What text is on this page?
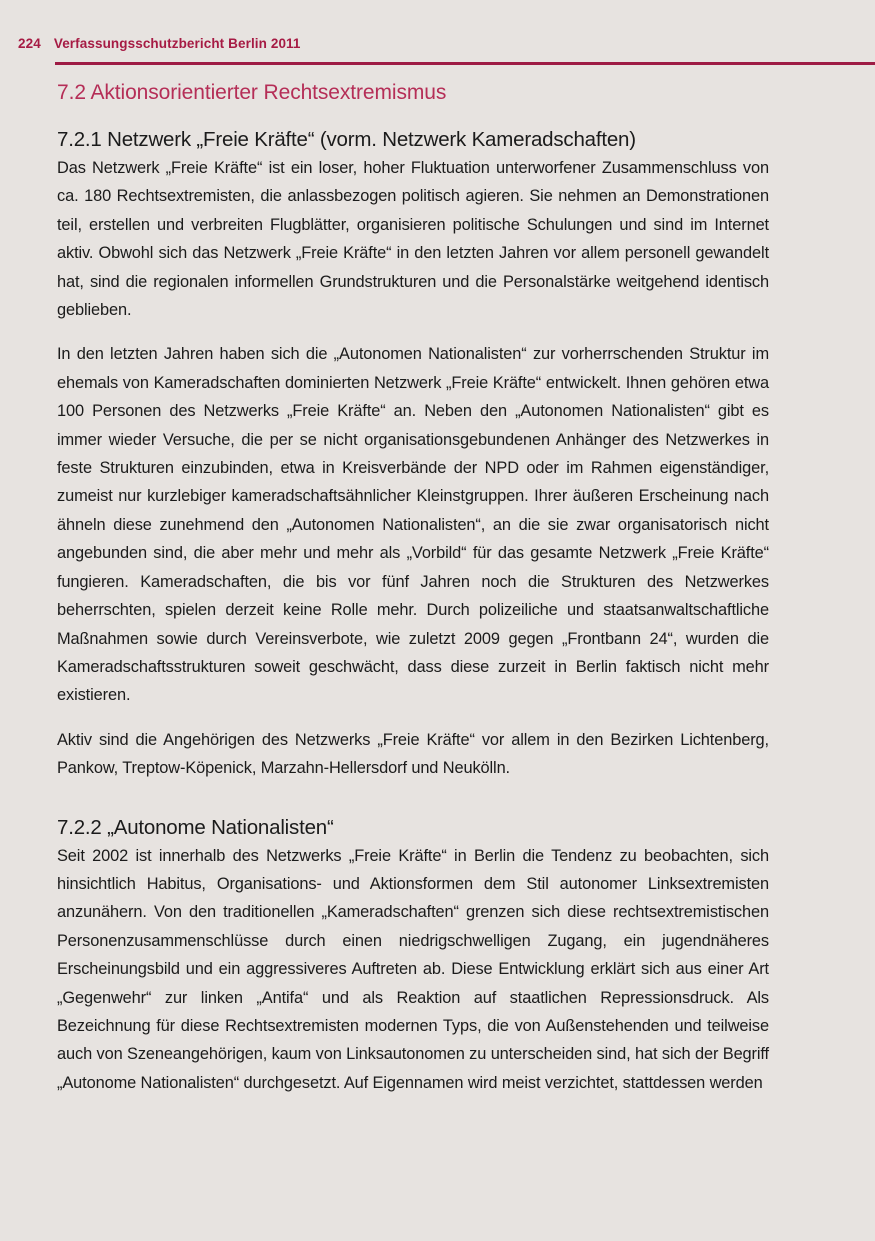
224 Verfassungsschutzbericht Berlin 2011
7.2 Aktionsorientierter Rechtsextremismus
7.2.1 Netzwerk „Freie Kräfte“ (vorm. Netzwerk Kameradschaften)

Das Netzwerk „Freie Kräfte“ ist ein loser, hoher Fluktuation unterworfener Zusammenschluss von ca. 180 Rechtsextremisten, die anlassbezogen politisch agieren. Sie nehmen an Demonstrationen teil, erstellen und verbreiten Flugblätter, organisieren politische Schulungen und sind im Internet aktiv. Obwohl sich das Netzwerk „Freie Kräfte“ in den letzten Jahren vor allem personell gewandelt hat, sind die regionalen informellen Grundstrukturen und die Personalstärke weitgehend identisch geblieben.

In den letzten Jahren haben sich die „Autonomen Nationalisten“ zur vorherrschenden Struktur im ehemals von Kameradschaften dominierten Netzwerk „Freie Kräfte“ entwickelt. Ihnen gehören etwa 100 Personen des Netzwerks „Freie Kräfte“ an. Neben den „Autonomen Nationalisten“ gibt es immer wieder Versuche, die per se nicht organisationsgebundenen Anhänger des Netzwerkes in feste Strukturen einzubinden, etwa in Kreisverbände der NPD oder im Rahmen eigenständiger, zumeist nur kurzlebiger kameradschaftsähnlicher Kleinstgruppen. Ihrer äußeren Erscheinung nach ähneln diese zunehmend den „Autonomen Nationalisten“, an die sie zwar organisatorisch nicht angebunden sind, die aber mehr und mehr als „Vorbild“ für das gesamte Netzwerk „Freie Kräfte“ fungieren. Kameradschaften, die bis vor fünf Jahren noch die Strukturen des Netzwerkes beherrschten, spielen derzeit keine Rolle mehr. Durch polizeiliche und staatsanwaltschaftliche Maßnahmen sowie durch Vereinsverbote, wie zuletzt 2009 gegen „Frontbann 24“, wurden die Kameradschaftsstrukturen soweit geschwächt, dass diese zurzeit in Berlin faktisch nicht mehr existieren.

Aktiv sind die Angehörigen des Netzwerks „Freie Kräfte“ vor allem in den Bezirken Lichtenberg, Pankow, Treptow-Köpenick, Marzahn-Hellersdorf und Neukölln.

7.2.2 „Autonome Nationalisten“

Seit 2002 ist innerhalb des Netzwerks „Freie Kräfte“ in Berlin die Tendenz zu beobachten, sich hinsichtlich Habitus, Organisations- und Aktionsformen dem Stil autonomer Linksextremisten anzunähern. Von den traditionellen „Kameradschaften“ grenzen sich diese rechtsextremistischen Personenzusammenschlüsse durch einen niedrigschwelligen Zugang, ein jugendnäheres Erscheinungsbild und ein aggressiveres Auftreten ab. Diese Entwicklung erklärt sich aus einer Art „Gegenwehr“ zur linken „Antifa“ und als Reaktion auf staatlichen Repressionsdruck. Als Bezeichnung für diese Rechtsextremisten modernen Typs, die von Außenstehenden und teilweise auch von Szeneangehörigen, kaum von Linksautonomen zu unterscheiden sind, hat sich der Begriff „Autonome Nationalisten“ durchgesetzt. Auf Eigennamen wird meist verzichtet, stattdessen werden
